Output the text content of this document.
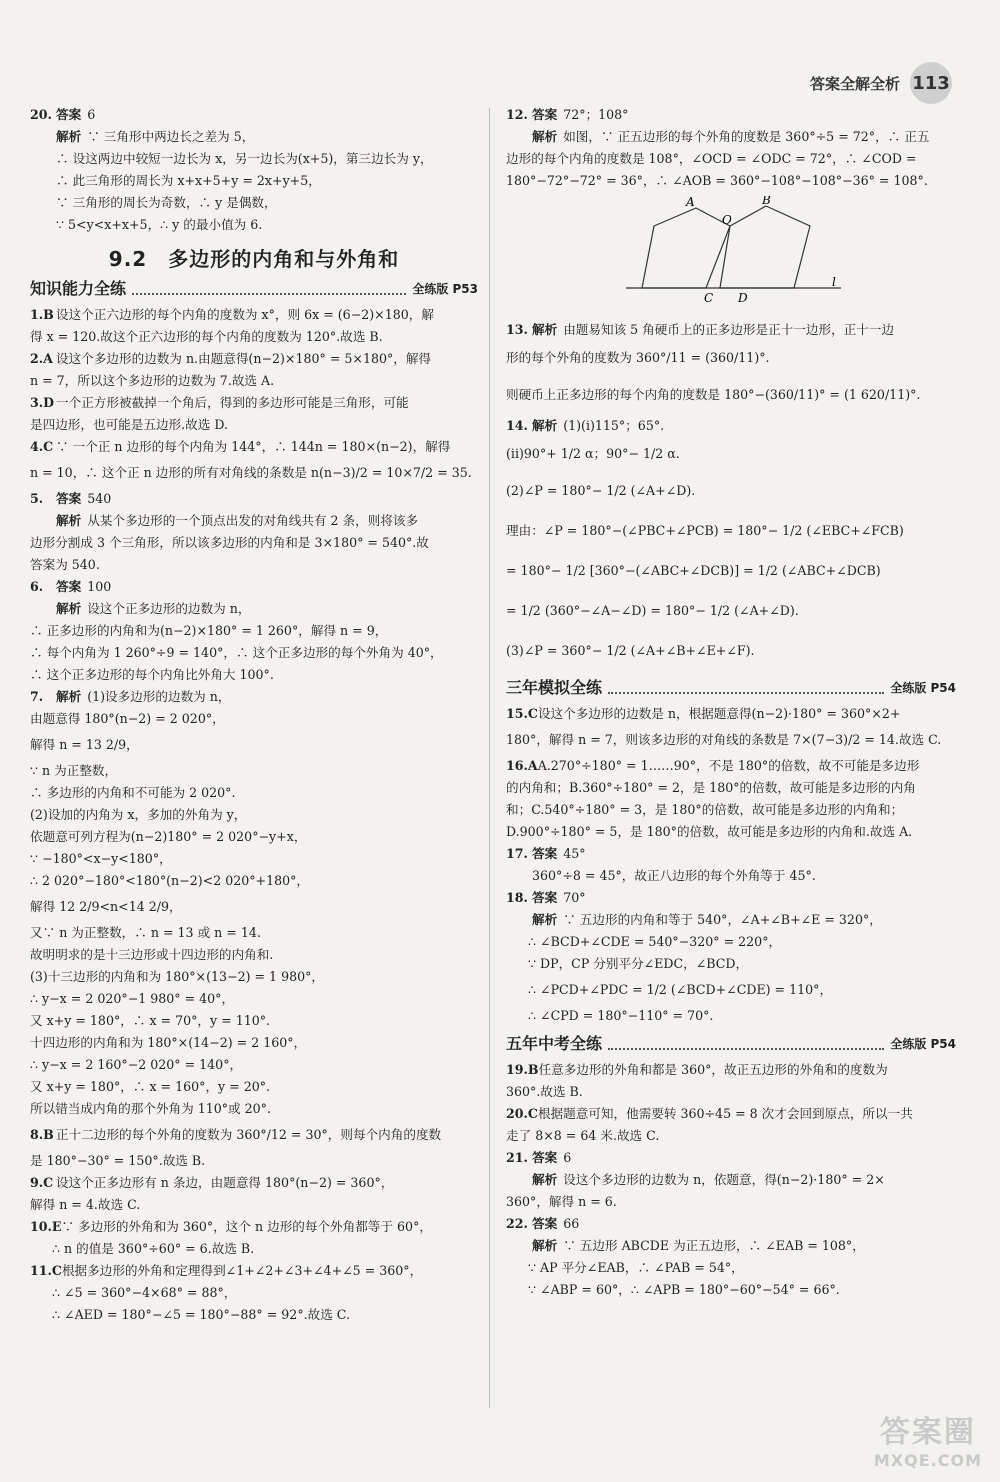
答案全解全析 113
20. 答案 6
解析 ∵ 三角形中两边长之差为 5，
∴ 设这两边中较短一边长为 x，另一边长为(x+5)，第三边长为 y，
∴ 此三角形的周长为 x+x+5+y = 2x+y+5，
∵ 三角形的周长为奇数，∴ y 是偶数，
∵ 5<y<x+x+5，∴ y 的最小值为 6.
9.2　多边形的内角和与外角和
知识能力全练	全练版 P53
1.B 设这个正六边形的每个内角的度数为 x°，则 6x = (6−2)×180，解
得 x = 120.故这个正六边形的每个内角的度数为 120°.故选 B.
2.A 设这个多边形的边数为 n.由题意得(n−2)×180° = 5×180°，解得
n = 7，所以这个多边形的边数为 7.故选 A.
3.D 一个正方形被截掉一个角后，得到的多边形可能是三角形，可能
是四边形，也可能是五边形.故选 D.
4.C ∵ 一个正 n 边形的每个内角为 144°，∴ 144n = 180×(n−2)，解得
n = 10，∴ 这个正 n 边形的所有对角线的条数是 n(n−3)/2 = 10×7/2 = 35.
5. 答案 540
解析 从某个多边形的一个顶点出发的对角线共有 2 条，则将该多
边形分割成 3 个三角形，所以该多边形的内角和是 3×180° = 540°.故
答案为 540.
6. 答案 100
解析 设这个正多边形的边数为 n，
∴ 正多边形的内角和为(n−2)×180° = 1 260°，解得 n = 9，
∴ 每个内角为 1 260°÷9 = 140°，∴ 这个正多边形的每个外角为 40°，
∴ 这个正多边形的每个内角比外角大 100°.
7. 解析 (1)设多边形的边数为 n，
由题意得 180°(n−2) = 2 020°，
解得 n = 13 2/9，
∵ n 为正整数，
∴ 多边形的内角和不可能为 2 020°.
(2)设加的内角为 x，多加的外角为 y，
依题意可列方程为(n−2)180° = 2 020°−y+x，
∵ −180°<x−y<180°，
∴ 2 020°−180°<180°(n−2)<2 020°+180°，
解得 12 2/9<n<14 2/9，
又∵ n 为正整数，∴ n = 13 或 n = 14.
故明明求的是十三边形或十四边形的内角和.
(3)十三边形的内角和为 180°×(13−2) = 1 980°，
∴ y−x = 2 020°−1 980° = 40°，
又 x+y = 180°，∴ x = 70°，y = 110°.
十四边形的内角和为 180°×(14−2) = 2 160°，
∴ y−x = 2 160°−2 020° = 140°，
又 x+y = 180°，∴ x = 160°，y = 20°.
所以错当成内角的那个外角为 110°或 20°.
8.B 正十二边形的每个外角的度数为 360°/12 = 30°，则每个内角的度数
是 180°−30° = 150°.故选 B.
9.C 设这个正多边形有 n 条边，由题意得 180°(n−2) = 360°，
解得 n = 4.故选 C.
10.E∵ 多边形的外角和为 360°，这个 n 边形的每个外角都等于 60°，
∴ n 的值是 360°÷60° = 6.故选 B.
11.C根据多边形的外角和定理得到∠1+∠2+∠3+∠4+∠5 = 360°，
∴ ∠5 = 360°−4×68° = 88°，
∴ ∠AED = 180°−∠5 = 180°−88° = 92°.故选 C.
12. 答案 72°；108°
解析 如图，∵ 正五边形的每个外角的度数是 360°÷5 = 72°，∴ 正五
边形的每个内角的度数是 108°，∠OCD = ∠ODC = 72°，∴ ∠COD =
180°−72°−72° = 36°，∴ ∠AOB = 360°−108°−108°−36° = 108°.
A	B
O
C D
l
13. 解析 由题易知该 5 角硬币上的正多边形是正十一边形，正十一边
形的每个外角的度数为 360°/11 = (360/11)°.
则硬币上正多边形的每个内角的度数是 180°−(360/11)° = (1 620/11)°.
14. 解析 (1)(i)115°；65°.
(ii)90°+ 1/2 α；90°− 1/2 α.
(2)∠P = 180°− 1/2 (∠A+∠D).
理由：∠P = 180°−(∠PBC+∠PCB) = 180°− 1/2 (∠EBC+∠FCB)
= 180°− 1/2 [360°−(∠ABC+∠DCB)] = 1/2 (∠ABC+∠DCB)
= 1/2 (360°−∠A−∠D) = 180°− 1/2 (∠A+∠D).
(3)∠P = 360°− 1/2 (∠A+∠B+∠E+∠F).
三年模拟全练	全练版 P54
15.C设这个多边形的边数是 n，根据题意得(n−2)·180° = 360°×2+
180°，解得 n = 7，则该多边形的对角线的条数是 7×(7−3)/2 = 14.故选 C.
16.AA.270°÷180° = 1……90°，不是 180°的倍数，故不可能是多边形
的内角和；B.360°÷180° = 2，是 180°的倍数，故可能是多边形的内角
和；C.540°÷180° = 3，是 180°的倍数，故可能是多边形的内角和；
D.900°÷180° = 5，是 180°的倍数，故可能是多边形的内角和.故选 A.
17. 答案 45°
360°÷8 = 45°，故正八边形的每个外角等于 45°.
18. 答案 70°
解析 ∵ 五边形的内角和等于 540°，∠A+∠B+∠E = 320°，
∴ ∠BCD+∠CDE = 540°−320° = 220°，
∵ DP，CP 分别平分∠EDC，∠BCD，
∴ ∠PCD+∠PDC = 1/2 (∠BCD+∠CDE) = 110°，
∴ ∠CPD = 180°−110° = 70°.
五年中考全练	全练版 P54
19.B任意多边形的外角和都是 360°，故正五边形的外角和的度数为
360°.故选 B.
20.C根据题意可知，他需要转 360÷45 = 8 次才会回到原点，所以一共
走了 8×8 = 64 米.故选 C.
21. 答案 6
解析 设这个多边形的边数为 n，依题意，得(n−2)·180° = 2×
360°，解得 n = 6.
22. 答案 66
解析 ∵ 五边形 ABCDE 为正五边形，∴ ∠EAB = 108°，
∵ AP 平分∠EAB，∴ ∠PAB = 54°，
∵ ∠ABP = 60°，∴ ∠APB = 180°−60°−54° = 66°.
答案圈
MXQE.COM
